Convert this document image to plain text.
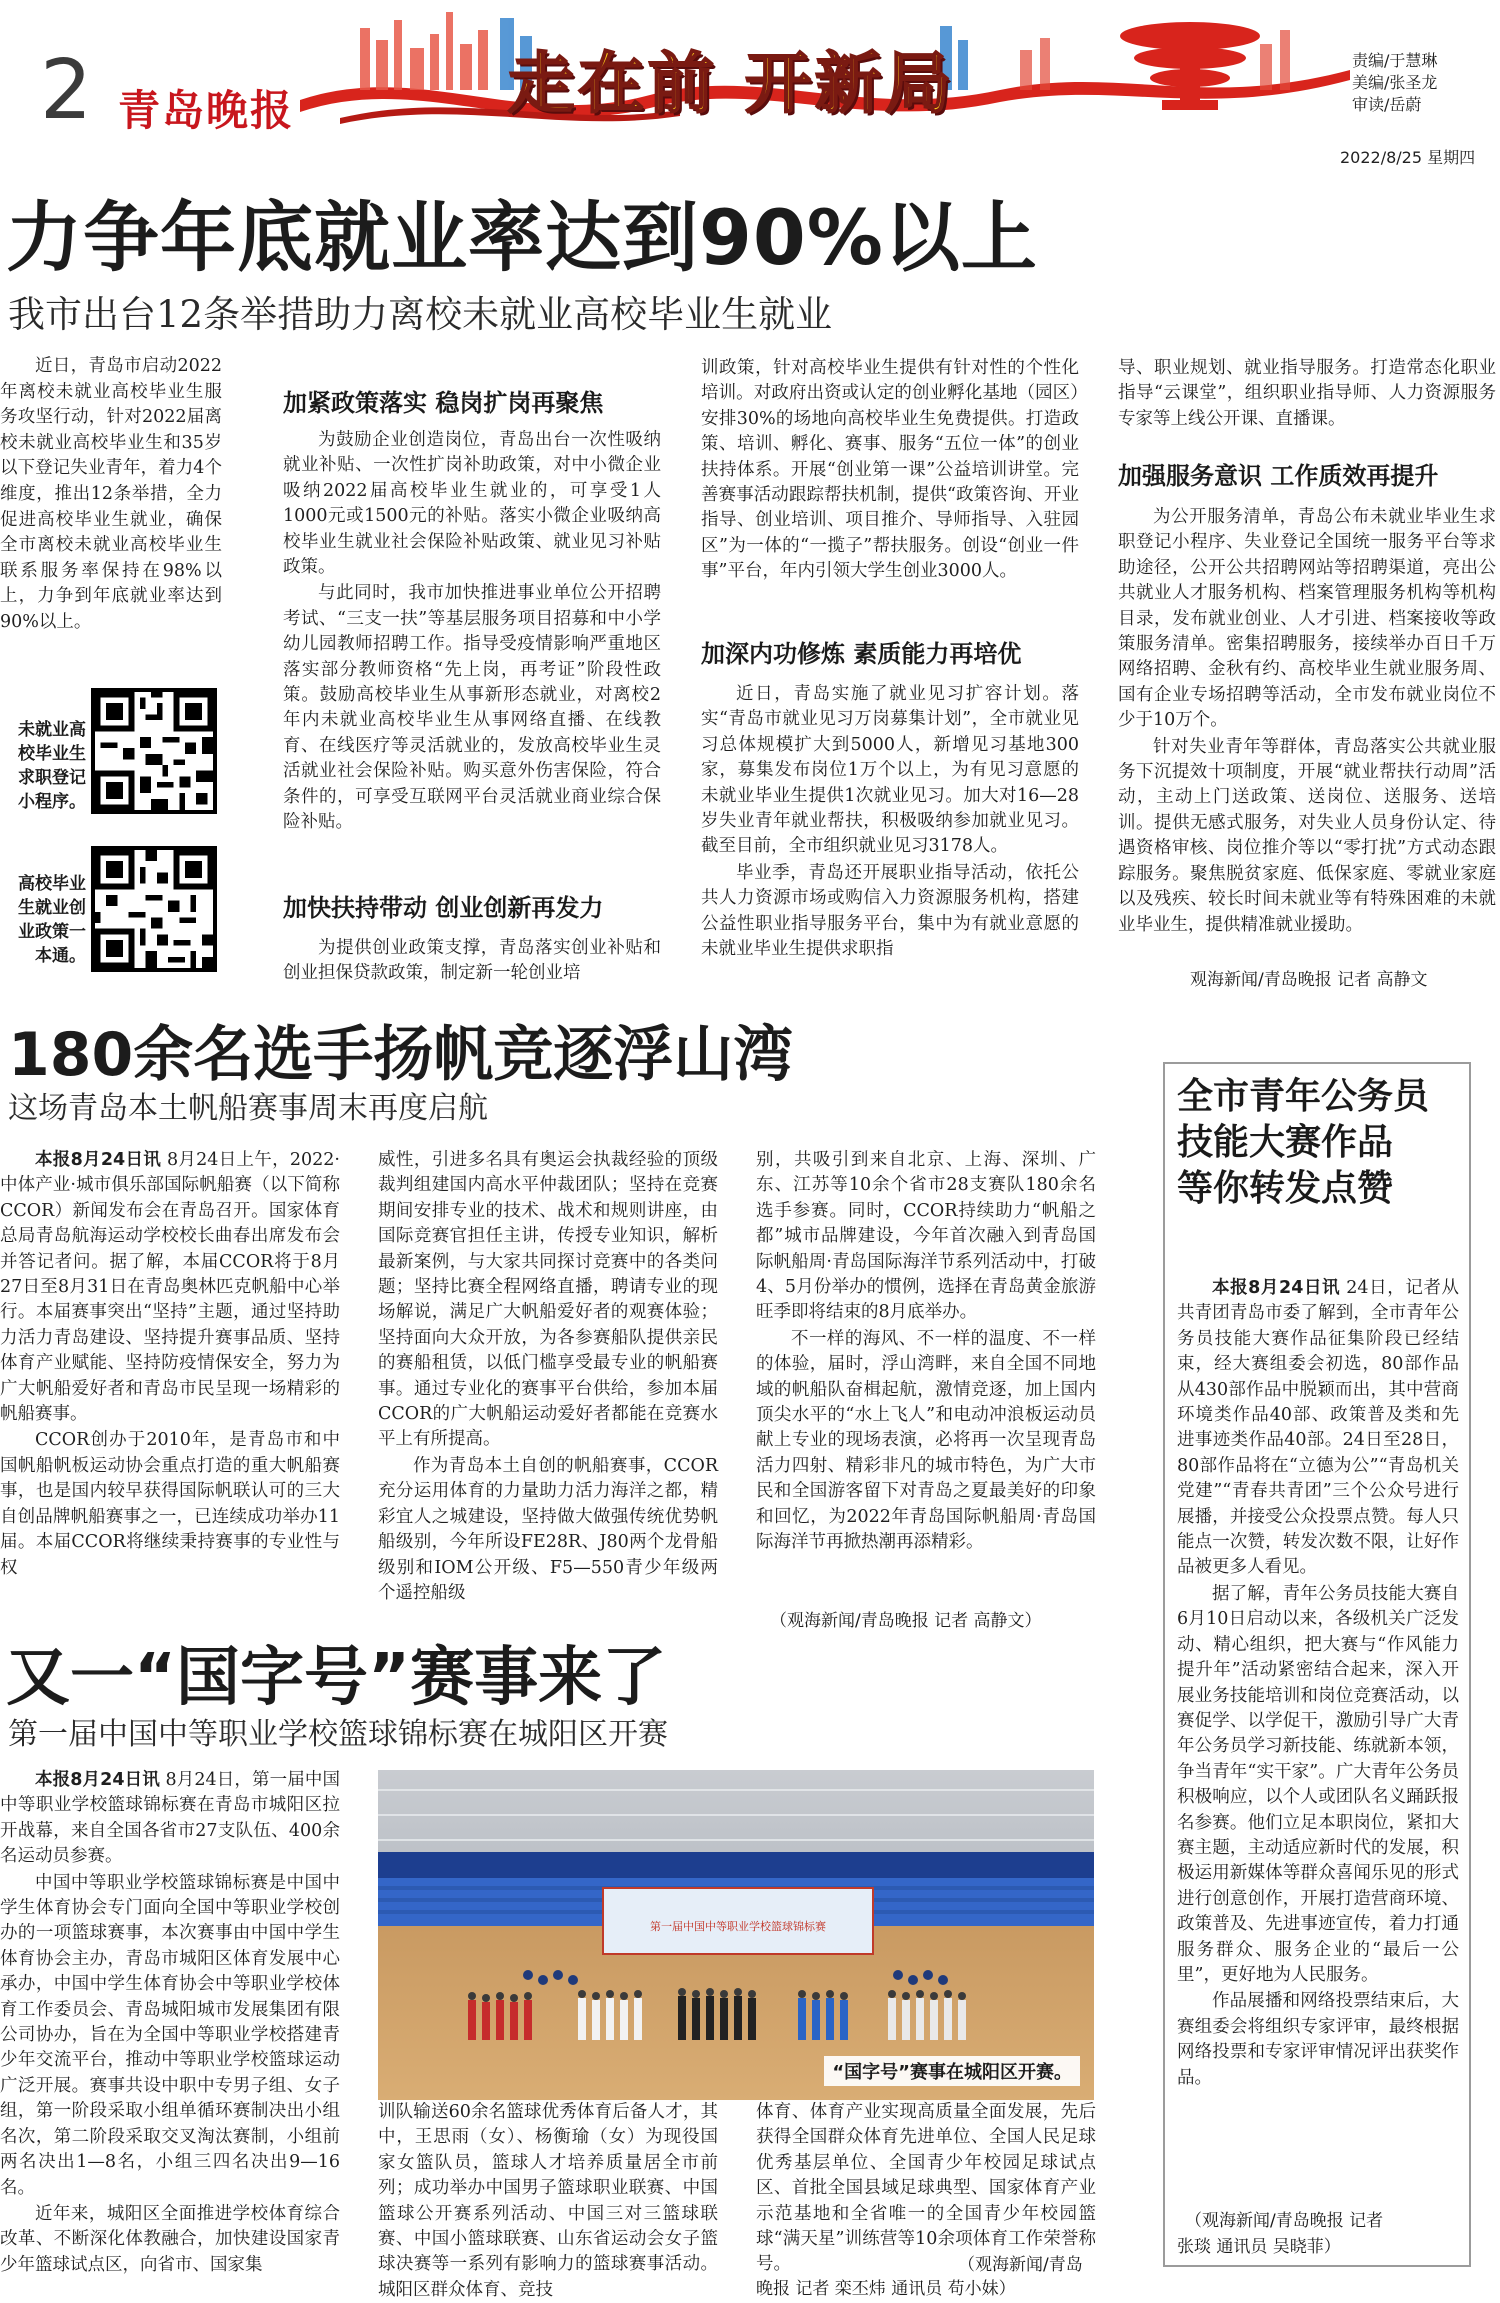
2 青岛晚报	走在前 开新局	责编/于慧琳
美编/张圣龙
审读/岳蔚
2022/8/25 星期四
力争年底就业率达到90%以上
我市出台12条举措助力离校未就业高校毕业生就业

近日，青岛市启动2022年离校未就业高校毕业生服务攻坚行动，针对2022届离校未就业高校毕业生和35岁以下登记失业青年，着力4个维度，推出12条举措，全力促进高校毕业生就业，确保全市离校未就业高校毕业生联系服务率保持在98%以上，力争到年底就业率达到90%以上。

未就业高校毕业生求职登记小程序。
高校毕业生就业创业政策一本通。
加紧政策落实 稳岗扩岗再聚焦

为鼓励企业创造岗位，青岛出台一次性吸纳就业补贴、一次性扩岗补助政策，对中小微企业吸纳2022届高校毕业生就业的，可享受1人1000元或1500元的补贴。落实小微企业吸纳高校毕业生就业社会保险补贴政策、就业见习补贴政策。

与此同时，我市加快推进事业单位公开招聘考试、“三支一扶”等基层服务项目招募和中小学幼儿园教师招聘工作。指导受疫情影响严重地区落实部分教师资格“先上岗，再考证”阶段性政策。鼓励高校毕业生从事新形态就业，对离校2年内未就业高校毕业生从事网络直播、在线教育、在线医疗等灵活就业的，发放高校毕业生灵活就业社会保险补贴。购买意外伤害保险，符合条件的，可享受互联网平台灵活就业商业综合保险补贴。

加快扶持带动 创业创新再发力

为提供创业政策支撑，青岛落实创业补贴和创业担保贷款政策，制定新一轮创业培

训政策，针对高校毕业生提供有针对性的个性化培训。对政府出资或认定的创业孵化基地（园区）安排30%的场地向高校毕业生免费提供。打造政策、培训、孵化、赛事、服务“五位一体”的创业扶持体系。开展“创业第一课”公益培训讲堂。完善赛事活动跟踪帮扶机制，提供“政策咨询、开业指导、创业培训、项目推介、导师指导、入驻园区”为一体的“一揽子”帮扶服务。创设“创业一件事”平台，年内引领大学生创业3000人。

加深内功修炼 素质能力再培优

近日，青岛实施了就业见习扩容计划。落实“青岛市就业见习万岗募集计划”，全市就业见习总体规模扩大到5000人，新增见习基地300家，募集发布岗位1万个以上，为有见习意愿的未就业毕业生提供1次就业见习。加大对16—28岁失业青年就业帮扶，积极吸纳参加就业见习。截至目前，全市组织就业见习3178人。

毕业季，青岛还开展职业指导活动，依托公共人力资源市场或购信入力资源服务机构，搭建公益性职业指导服务平台，集中为有就业意愿的未就业毕业生提供求职指

导、职业规划、就业指导服务。打造常态化职业指导“云课堂”，组织职业指导师、人力资源服务专家等上线公开课、直播课。

加强服务意识 工作质效再提升

为公开服务清单，青岛公布未就业毕业生求职登记小程序、失业登记全国统一服务平台等求助途径，公开公共招聘网站等招聘渠道，亮出公共就业人才服务机构、档案管理服务机构等机构目录，发布就业创业、人才引进、档案接收等政策服务清单。密集招聘服务，接续举办百日千万网络招聘、金秋有约、高校毕业生就业服务周、国有企业专场招聘等活动，全市发布就业岗位不少于10万个。

针对失业青年等群体，青岛落实公共就业服务下沉提效十项制度，开展“就业帮扶行动周”活动，主动上门送政策、送岗位、送服务、送培训。提供无感式服务，对失业人员身份认定、待遇资格审核、岗位推介等以“零打扰”方式动态跟踪服务。聚焦脱贫家庭、低保家庭、零就业家庭以及残疾、较长时间未就业等有特殊困难的未就业毕业生，提供精准就业援助。

观海新闻/青岛晚报 记者 高静文
180余名选手扬帆竞逐浮山湾
这场青岛本土帆船赛事周末再度启航

本报8月24日讯 8月24日上午，2022·中体产业·城市俱乐部国际帆船赛（以下简称CCOR）新闻发布会在青岛召开。国家体育总局青岛航海运动学校校长曲春出席发布会并答记者问。据了解，本届CCOR将于8月27日至8月31日在青岛奥林匹克帆船中心举行。本届赛事突出“坚持”主题，通过坚持助力活力青岛建设、坚持提升赛事品质、坚持体育产业赋能、坚持防疫情保安全，努力为广大帆船爱好者和青岛市民呈现一场精彩的帆船赛事。

CCOR创办于2010年，是青岛市和中国帆船帆板运动协会重点打造的重大帆船赛事，也是国内较早获得国际帆联认可的三大自创品牌帆船赛事之一，已连续成功举办11届。本届CCOR将继续秉持赛事的专业性与权

威性，引进多名具有奥运会执裁经验的顶级裁判组建国内高水平仲裁团队；坚持在竞赛期间安排专业的技术、战术和规则讲座，由国际竞赛官担任主讲，传授专业知识，解析最新案例，与大家共同探讨竞赛中的各类问题；坚持比赛全程网络直播，聘请专业的现场解说，满足广大帆船爱好者的观赛体验；坚持面向大众开放，为各参赛船队提供亲民的赛船租赁，以低门槛享受最专业的帆船赛事。通过专业化的赛事平台供给，参加本届CCOR的广大帆船运动爱好者都能在竞赛水平上有所提高。

作为青岛本土自创的帆船赛事，CCOR充分运用体育的力量助力活力海洋之都，精彩宜人之城建设，坚持做大做强传统优势帆船级别，今年所设FE28R、J80两个龙骨船级别和IOM公开级、F5—550青少年级两个遥控船级

别，共吸引到来自北京、上海、深圳、广东、江苏等10余个省市28支赛队180余名选手参赛。同时，CCOR持续助力“帆船之都”城市品牌建设，今年首次融入到青岛国际帆船周·青岛国际海洋节系列活动中，打破4、5月份举办的惯例，选择在青岛黄金旅游旺季即将结束的8月底举办。

不一样的海风、不一样的温度、不一样的体验，届时，浮山湾畔，来自全国不同地域的帆船队奋楫起航，激情竞逐，加上国内顶尖水平的“水上飞人”和电动冲浪板运动员献上专业的现场表演，必将再一次呈现青岛活力四射、精彩非凡的城市特色，为广大市民和全国游客留下对青岛之夏最美好的印象和回忆，为2022年青岛国际帆船周·青岛国际海洋节再掀热潮再添精彩。

（观海新闻/青岛晚报 记者 高静文）
又一“国字号”赛事来了
第一届中国中等职业学校篮球锦标赛在城阳区开赛

本报8月24日讯 8月24日，第一届中国中等职业学校篮球锦标赛在青岛市城阳区拉开战幕，来自全国各省市27支队伍、400余名运动员参赛。

中国中等职业学校篮球锦标赛是中国中学生体育协会专门面向全国中等职业学校创办的一项篮球赛事，本次赛事由中国中学生体育协会主办，青岛市城阳区体育发展中心承办，中国中学生体育协会中等职业学校体育工作委员会、青岛城阳城市发展集团有限公司协办，旨在为全国中等职业学校搭建青少年交流平台，推动中等职业学校篮球运动广泛开展。赛事共设中职中专男子组、女子组，第一阶段采取小组单循环赛制决出小组名次，第二阶段采取交叉淘汰赛制，小组前两名决出1—8名，小组三四名决出9—16名。

近年来，城阳区全面推进学校体育综合改革、不断深化体教融合，加快建设国家青少年篮球试点区，向省市、国家集

第一届中国中等职业学校篮球锦标赛
“国字号”赛事在城阳区开赛。

训队输送60余名篮球优秀体育后备人才，其中，王思雨（女）、杨衡瑜（女）为现役国家女篮队员，篮球人才培养质量居全市前列；成功举办中国男子篮球职业联赛、中国篮球公开赛系列活动、中国三对三篮球联赛、中国小篮球联赛、山东省运动会女子篮球决赛等一系列有影响力的篮球赛事活动。城阳区群众体育、竞技

体育、体育产业实现高质量全面发展，先后获得全国群众体育先进单位、全国人民足球优秀基层单位、全国青少年校园足球试点区、首批全国县域足球典型、国家体育产业示范基地和全省唯一的全国青少年校园篮球“满天星”训练营等10余项体育工作荣誉称号。	（观海新闻/青岛
晚报 记者 栾丕炜 通讯员 苟小妹）
全市青年公务员
技能大赛作品
等你转发点赞

本报8月24日讯 24日，记者从共青团青岛市委了解到，全市青年公务员技能大赛作品征集阶段已经结束，经大赛组委会初选，80部作品从430部作品中脱颖而出，其中营商环境类作品40部、政策普及类和先进事迹类作品40部。24日至28日，80部作品将在“立德为公”“青岛机关党建”“青春共青团”三个公众号进行展播，并接受公众投票点赞。每人只能点一次赞，转发次数不限，让好作品被更多人看见。

据了解，青年公务员技能大赛自6月10日启动以来，各级机关广泛发动、精心组织，把大赛与“作风能力提升年”活动紧密结合起来，深入开展业务技能培训和岗位竞赛活动，以赛促学、以学促干，激励引导广大青年公务员学习新技能、练就新本领，争当青年“实干家”。广大青年公务员积极响应，以个人或团队名义踊跃报名参赛。他们立足本职岗位，紧扣大赛主题，主动适应新时代的发展，积极运用新媒体等群众喜闻乐见的形式进行创意创作，开展打造营商环境、政策普及、先进事迹宣传，着力打通服务群众、服务企业的“最后一公里”，更好地为人民服务。

作品展播和网络投票结束后，大赛组委会将组织专家评审，最终根据网络投票和专家评审情况评出获奖作品。

（观海新闻/青岛晚报 记者
张琰 通讯员 吴晓菲）
